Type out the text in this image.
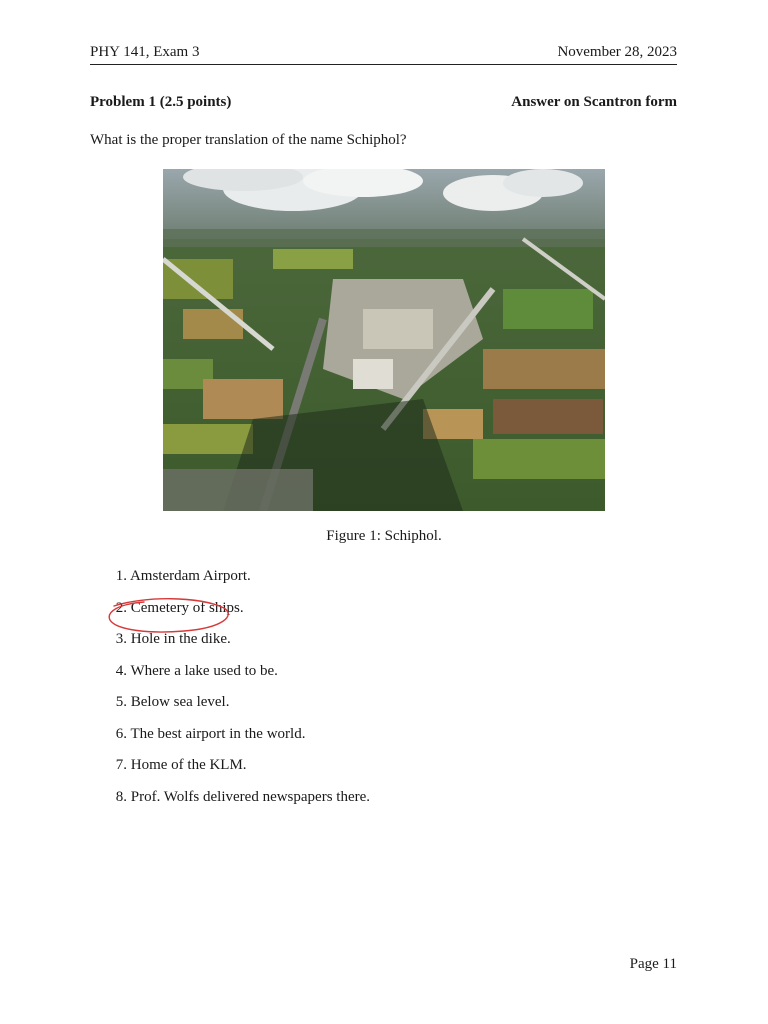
PHY 141, Exam 3	November 28, 2023
Problem 1 (2.5 points)	Answer on Scantron form
What is the proper translation of the name Schiphol?
Figure 1: Schiphol.
1. Amsterdam Airport.
2. Cemetery of ships.
3. Hole in the dike.
4. Where a lake used to be.
5. Below sea level.
6. The best airport in the world.
7. Home of the KLM.
8. Prof. Wolfs delivered newspapers there.
Page 11
